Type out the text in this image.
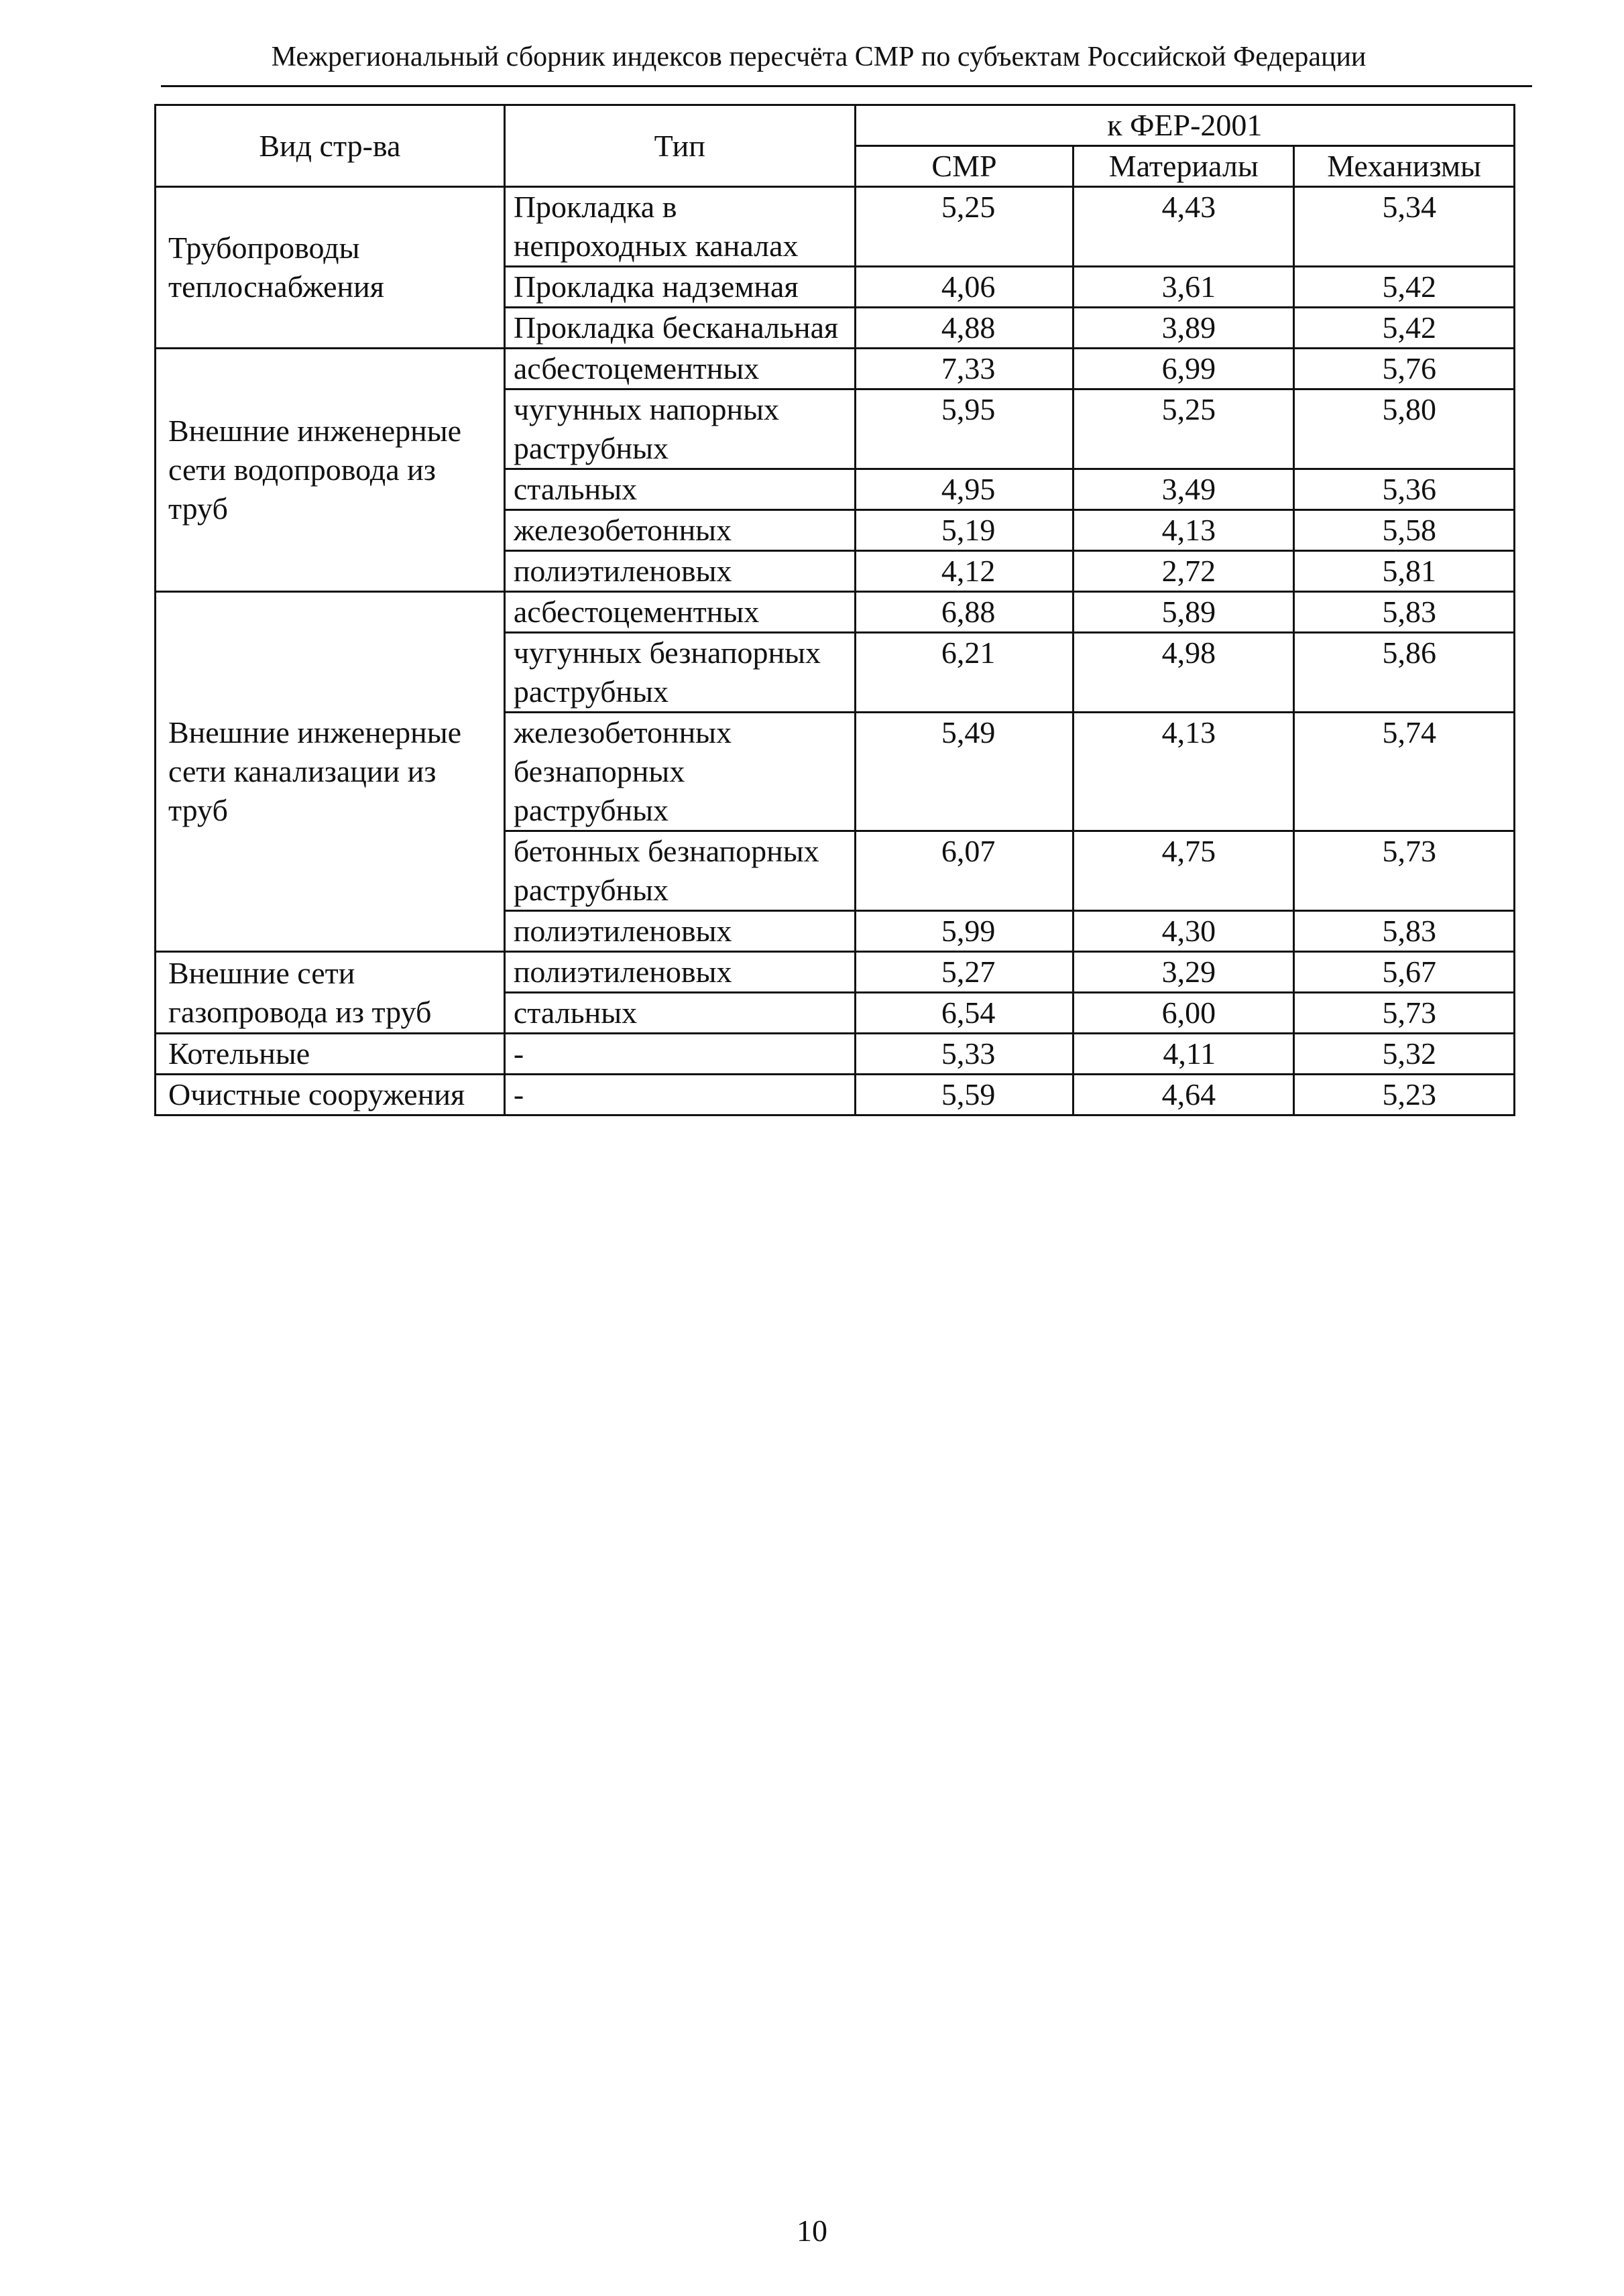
Межрегиональный сборник индексов пересчёта СМР по субъектам Российской Федерации
Вид стр-ва	Тип	к ФЕР-2001		
		СМР	Материалы	Механизмы
Трубопроводы теплоснабжения	Прокладка в непроходных каналах	5,25	4,43	5,34
	Прокладка надземная	4,06	3,61	5,42
	Прокладка бесканальная	4,88	3,89	5,42
Внешние инженерные сети водопровода из труб	асбестоцементных	7,33	6,99	5,76
	чугунных напорных раструбных	5,95	5,25	5,80
	стальных	4,95	3,49	5,36
	железобетонных	5,19	4,13	5,58
	полиэтиленовых	4,12	2,72	5,81
Внешние инженерные сети канализации из труб	асбестоцементных	6,88	5,89	5,83
	чугунных безнапорных раструбных	6,21	4,98	5,86
	железобетонных безнапорных раструбных	5,49	4,13	5,74
	бетонных безнапорных раструбных	6,07	4,75	5,73
	полиэтиленовых	5,99	4,30	5,83
Внешние сети газопровода из труб	полиэтиленовых	5,27	3,29	5,67
	стальных	6,54	6,00	5,73
Котельные	-	5,33	4,11	5,32
Очистные сооружения	-	5,59	4,64	5,23
10
